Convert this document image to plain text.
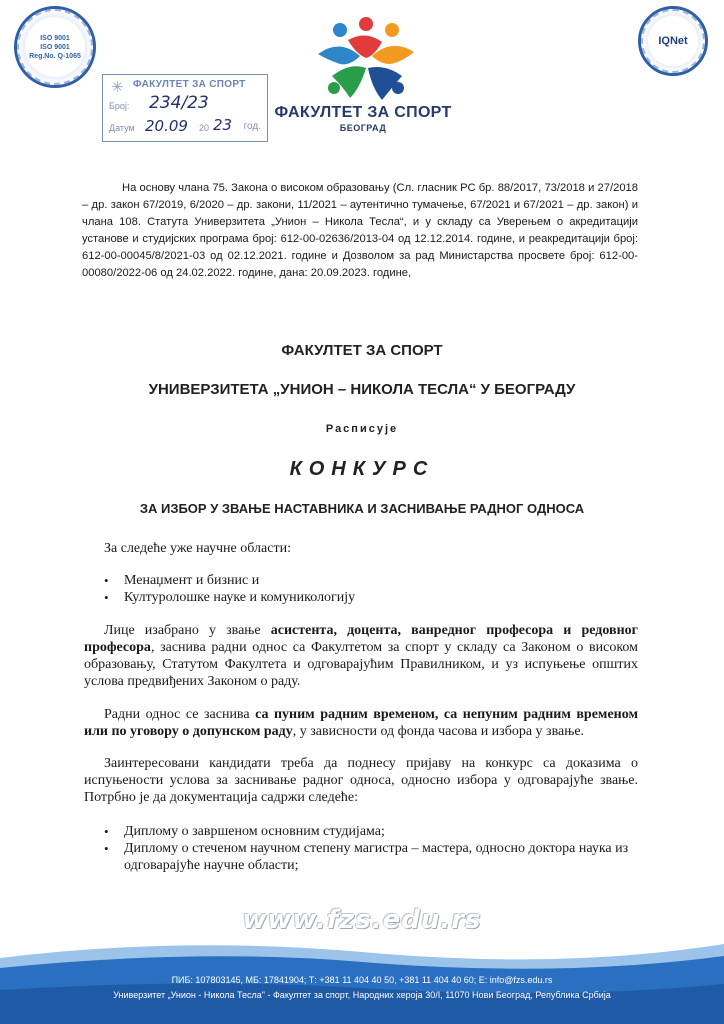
ISO 9001
ISO 9001
Reg.No. Q-1065
IQNet
ФАКУЛТЕТ ЗА СПОРТ
БЕОГРАД
✳ ФАКУЛТЕТ ЗА СПОРТ
Број: 234/23
Датум 20.09 20 23 год.
На основу члана 75. Закона о високом образовању (Сл. гласник РС бр. 88/2017, 73/2018 и 27/2018 – др. закон 67/2019, 6/2020 – др. закони, 11/2021 – аутентично тумачење, 67/2021 и 67/2021 – др. закон) и члана 108. Статута Универзитета „Унион – Никола Тесла“, и у складу са Уверењем о акредитацији установе и студијских програма број: 612-00-02636/2013-04 од 12.12.2014. године, и реакредитацији број: 612-00-00045/8/2021-03 од 02.12.2021. године и Дозволом за рад Министарства просвете број: 612-00-00080/2022-06 од 24.02.2022. године, дана: 20.09.2023. године,
ФАКУЛТЕТ ЗА СПОРТ
УНИВЕРЗИТЕТА „УНИОН – НИКОЛА ТЕСЛА“ У БЕОГРАДУ
Расписује
КОНКУРС
ЗА ИЗБОР У ЗВАЊЕ НАСТАВНИКА И ЗАСНИВАЊЕ РАДНОГ ОДНОСА
За следеће уже научне области:
• Менаџмент и бизнис и
• Културолошке науке и комуникологију
Лице изабрано у звање асистента, доцента, ванредног професора и редовног професора, заснива радни однос са Факултетом за спорт у складу са Законом о високом образовању, Статутом Факултета и одговарајућим Правилником, и уз испуњење општих услова предвиђених Законом о раду.
Радни однос се заснива са пуним радним временом, са непуним радним временом или по уговору о допунском раду, у зависности од фонда часова и избора у звање.
Заинтересовани кандидати треба да поднесу пријаву на конкурс са доказима о испуњености услова за заснивање радног односа, односно избора у одговарајуће звање. Потрбно је да документација садржи следеће:
• Диплому о завршеном основним студијама;
• Диплому о стеченом научном степену магистра – мастера, односно доктора наука из одговарајуће научне области;
www.fzs.edu.rs
ПИБ: 107803145, МБ: 17841904; Т: +381 11 404 40 50, +381 11 404 40 60; E: info@fzs.edu.rs
Универзитет „Унион - Никола Тесла" - Факултет за спорт, Народних хероја 30/I, 11070 Нови Београд, Република Србија
